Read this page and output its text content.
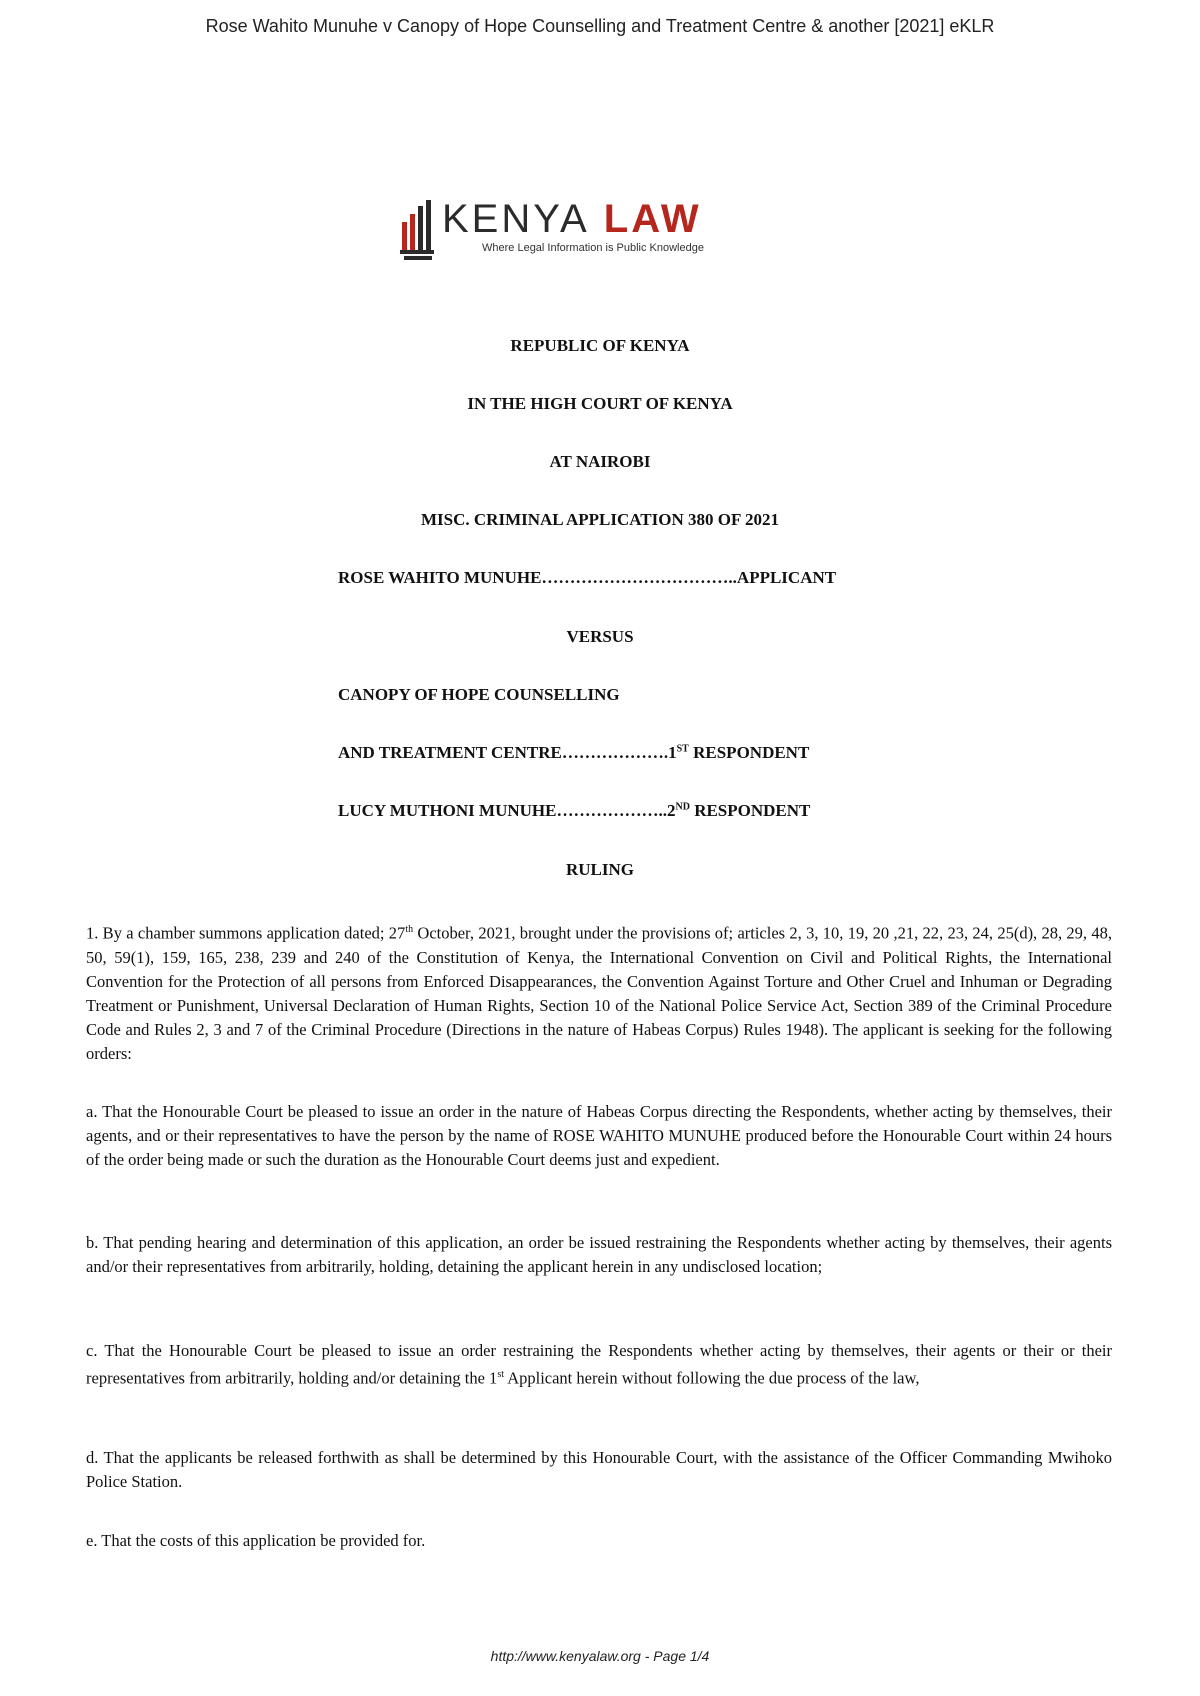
Rose Wahito Munuhe v Canopy of Hope Counselling and Treatment Centre & another [2021] eKLR
KENYA LAW
Where Legal Information is Public Knowledge
REPUBLIC OF KENYA
IN THE HIGH COURT OF KENYA
AT NAIROBI
MISC. CRIMINAL APPLICATION 380 OF 2021
ROSE WAHITO MUNUHE……………………………..APPLICANT
VERSUS
CANOPY OF HOPE COUNSELLING
AND TREATMENT CENTRE……………….1ST RESPONDENT
LUCY MUTHONI MUNUHE………………..2ND RESPONDENT
RULING
1. By a chamber summons application dated; 27th October, 2021, brought under the provisions of; articles 2, 3, 10, 19, 20 ,21, 22, 23, 24, 25(d), 28, 29, 48, 50, 59(1), 159, 165, 238, 239 and 240 of the Constitution of Kenya, the International Convention on Civil and Political Rights, the International Convention for the Protection of all persons from Enforced Disappearances, the Convention Against Torture and Other Cruel and Inhuman or Degrading Treatment or Punishment, Universal Declaration of Human Rights, Section 10 of the National Police Service Act, Section 389 of the Criminal Procedure Code and Rules 2, 3 and 7 of the Criminal Procedure (Directions in the nature of Habeas Corpus) Rules 1948). The applicant is seeking for the following orders:
a. That the Honourable Court be pleased to issue an order in the nature of Habeas Corpus directing the Respondents, whether acting by themselves, their agents, and or their representatives to have the person by the name of ROSE WAHITO MUNUHE produced before the Honourable Court within 24 hours of the order being made or such the duration as the Honourable Court deems just and expedient.
b. That pending hearing and determination of this application, an order be issued restraining the Respondents whether acting by themselves, their agents and/or their representatives from arbitrarily, holding, detaining the applicant herein in any undisclosed location;
c. That the Honourable Court be pleased to issue an order restraining the Respondents whether acting by themselves, their agents or their or their representatives from arbitrarily, holding and/or detaining the 1st Applicant herein without following the due process of the law,
d. That the applicants be released forthwith as shall be determined by this Honourable Court, with the assistance of the Officer Commanding Mwihoko Police Station.
e. That the costs of this application be provided for.
http://www.kenyalaw.org - Page 1/4
